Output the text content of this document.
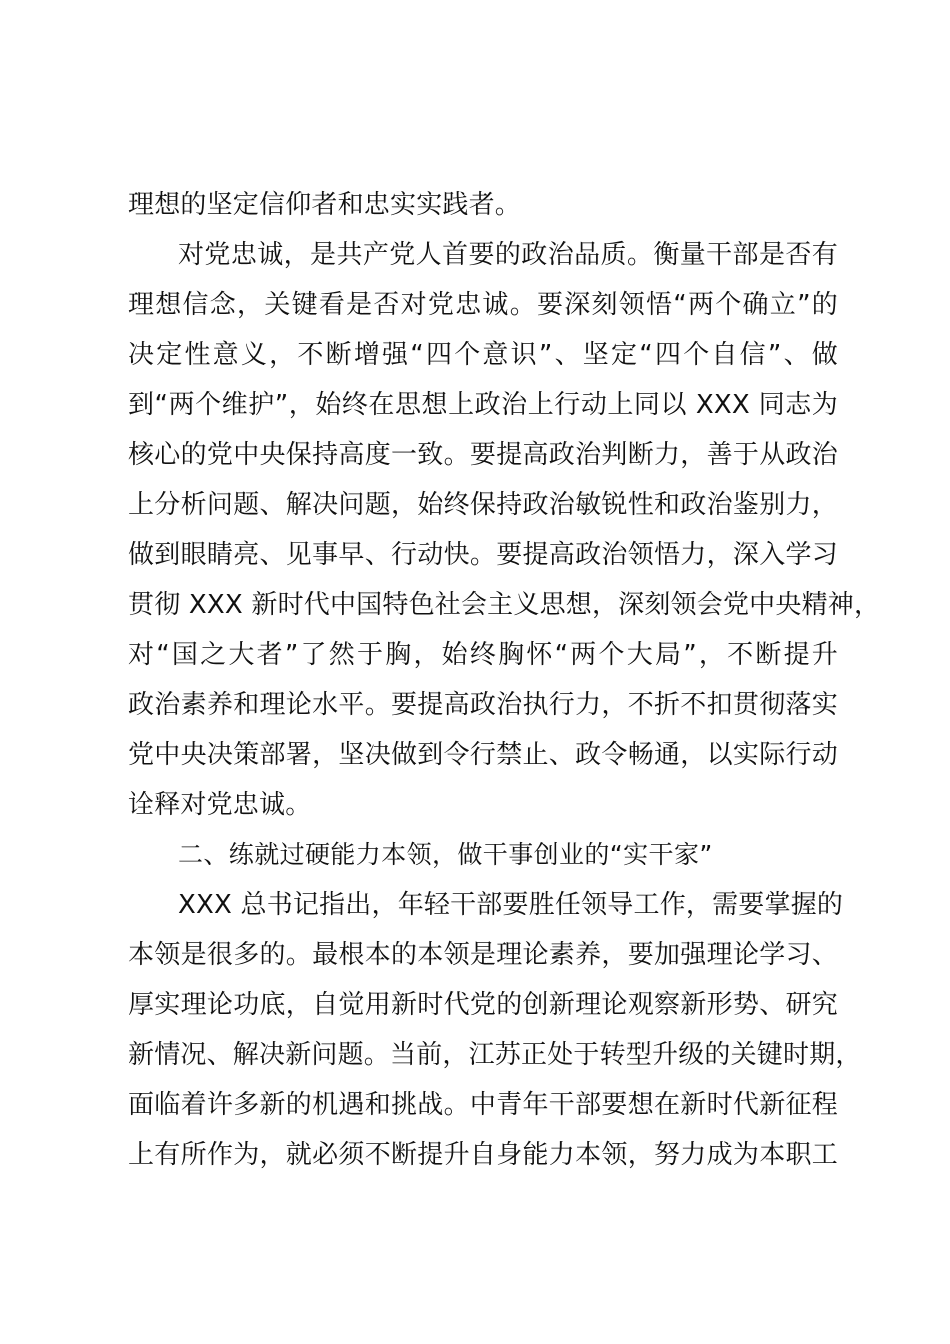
理想的坚定信仰者和忠实实践者。
对党忠诚，是共产党人首要的政治品质。衡量干部是否有
理想信念，关键看是否对党忠诚。要深刻领悟“两个确立”的
决定性意义，不断增强“四个意识”、坚定“四个自信”、做
到“两个维护”，始终在思想上政治上行动上同以 XXX 同志为
核心的党中央保持高度一致。要提高政治判断力，善于从政治
上分析问题、解决问题，始终保持政治敏锐性和政治鉴别力，
做到眼睛亮、见事早、行动快。要提高政治领悟力，深入学习
贯彻 XXX 新时代中国特色社会主义思想，深刻领会党中央精神，
对“国之大者”了然于胸，始终胸怀“两个大局”，不断提升
政治素养和理论水平。要提高政治执行力，不折不扣贯彻落实
党中央决策部署，坚决做到令行禁止、政令畅通，以实际行动
诠释对党忠诚。
二、练就过硬能力本领，做干事创业的“实干家”
XXX 总书记指出，年轻干部要胜任领导工作，需要掌握的
本领是很多的。最根本的本领是理论素养，要加强理论学习、
厚实理论功底，自觉用新时代党的创新理论观察新形势、研究
新情况、解决新问题。当前，江苏正处于转型升级的关键时期，
面临着许多新的机遇和挑战。中青年干部要想在新时代新征程
上有所作为，就必须不断提升自身能力本领，努力成为本职工
